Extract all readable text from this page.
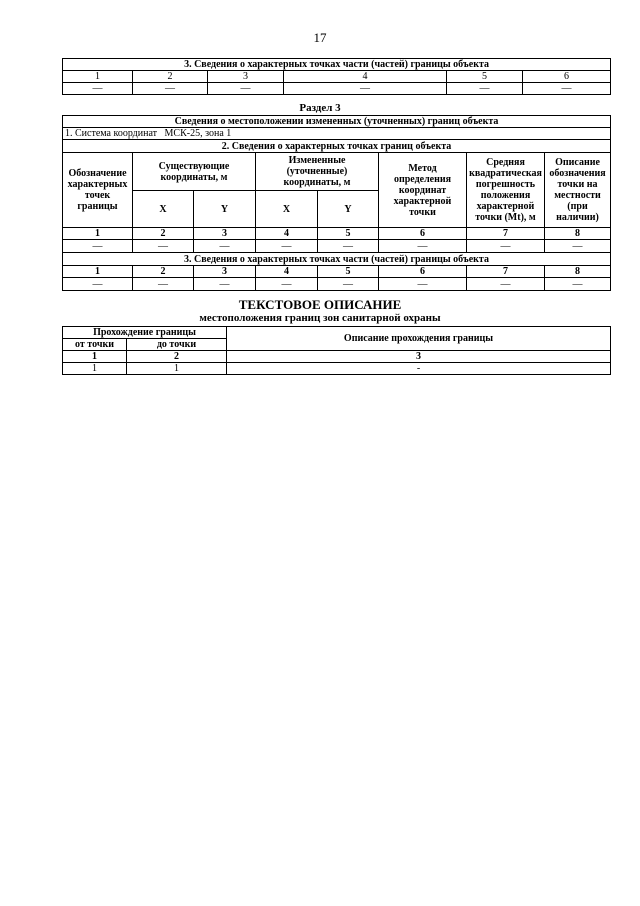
17
3. Сведения о характерных точках части (частей) границы объекта					
1	2	3	4	5	6
—	—	—	—	—	—
Раздел 3
Сведения о местоположении измененных (уточненных) границ объекта							
1. Система координат МСК-25, зона 1							
2. Сведения о характерных точках границ объекта							
Обозначение характерных точек границы	Существующие координаты, м		Измененные (уточненные) координаты, м		Метод определения координат характерной точки	Средняя квадратическая погрешность положения характерной точки (Mt), м	Описание обозначения точки на местности (при наличии)
	X	Y	X	Y			
1	2	3	4	5	6	7	8
—	—	—	—	—	—	—	—
3. Сведения о характерных точках части (частей) границы объекта							
1	2	3	4	5	6	7	8
—	—	—	—	—	—	—	—
ТЕКСТОВОЕ ОПИСАНИЕ
местоположения границ зон санитарной охраны
Прохождение границы		Описание прохождения границы
от точки	до точки	
1	2	3
1	1	-
